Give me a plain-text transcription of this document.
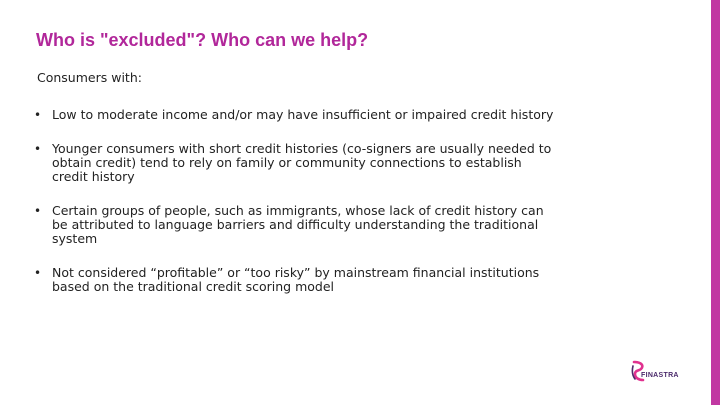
Who is "excluded"? Who can we help?

Consumers with:

• Low to moderate income and/or may have insufficient or impaired credit history
• Younger consumers with short credit histories (co-signers are usually needed to obtain credit) tend to rely on family or community connections to establish credit history
• Certain groups of people, such as immigrants, whose lack of credit history can be attributed to language barriers and difficulty understanding the traditional system
• Not considered “profitable” or “too risky” by mainstream financial institutions based on the traditional credit scoring model
FINASTRA
